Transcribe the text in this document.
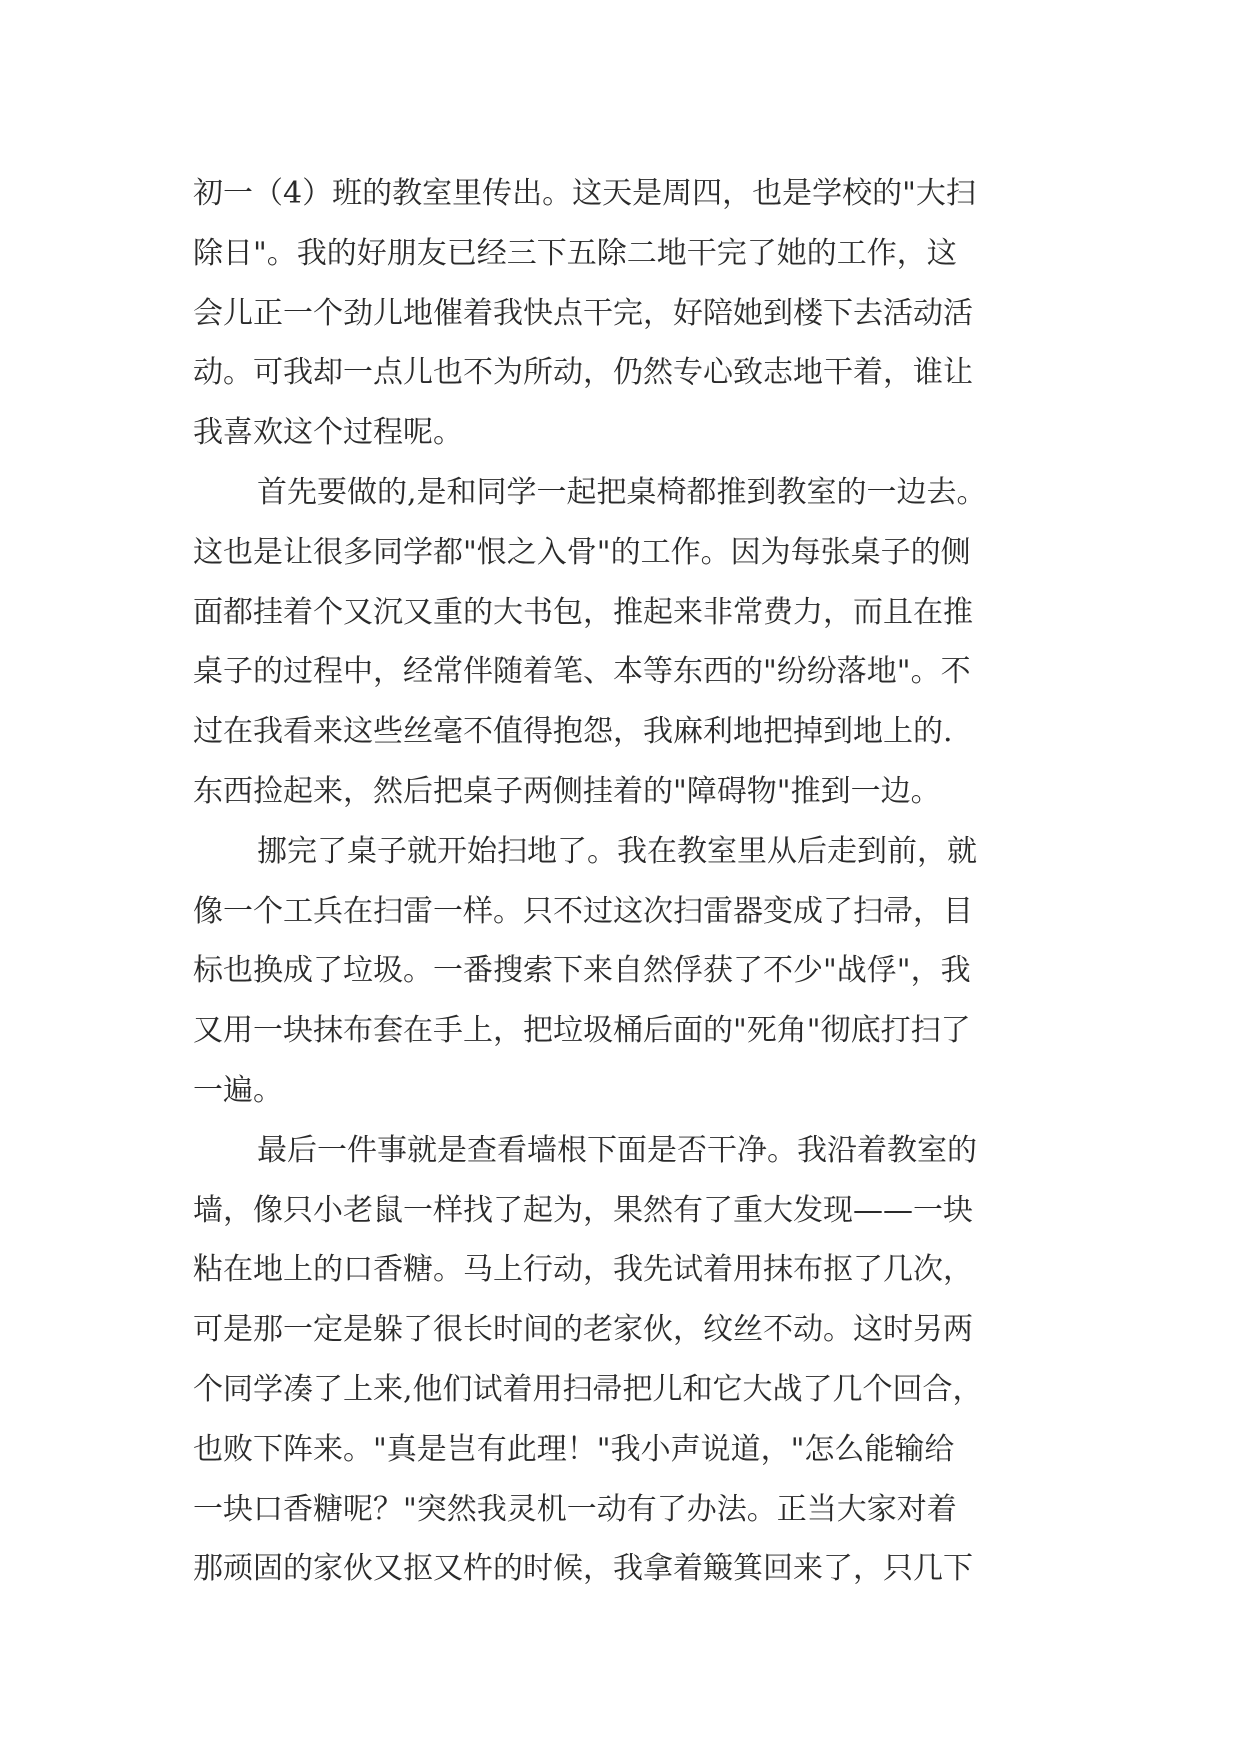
初一（4）班的教室里传出。这天是周四，也是学校的"大扫
除日"。我的好朋友已经三下五除二地干完了她的工作，这
会儿正一个劲儿地催着我快点干完，好陪她到楼下去活动活
动。可我却一点儿也不为所动，仍然专心致志地干着，谁让
我喜欢这个过程呢。
首先要做的,是和同学一起把桌椅都推到教室的一边去。
这也是让很多同学都"恨之入骨"的工作。因为每张桌子的侧
面都挂着个又沉又重的大书包，推起来非常费力，而且在推
桌子的过程中，经常伴随着笔、本等东西的"纷纷落地"。不
过在我看来这些丝毫不值得抱怨，我麻利地把掉到地上的.
东西捡起来，然后把桌子两侧挂着的"障碍物"推到一边。
挪完了桌子就开始扫地了。我在教室里从后走到前，就
像一个工兵在扫雷一样。只不过这次扫雷器变成了扫帚，目
标也换成了垃圾。一番搜索下来自然俘获了不少"战俘"，我
又用一块抹布套在手上，把垃圾桶后面的"死角"彻底打扫了
一遍。
最后一件事就是查看墙根下面是否干净。我沿着教室的
墙，像只小老鼠一样找了起为，果然有了重大发现——一块
粘在地上的口香糖。马上行动，我先试着用抹布抠了几次，
可是那一定是躲了很长时间的老家伙，纹丝不动。这时另两
个同学凑了上来,他们试着用扫帚把儿和它大战了几个回合，
也败下阵来。"真是岂有此理！"我小声说道，"怎么能输给
一块口香糖呢？"突然我灵机一动有了办法。正当大家对着
那顽固的家伙又抠又杵的时候，我拿着簸箕回来了，只几下
